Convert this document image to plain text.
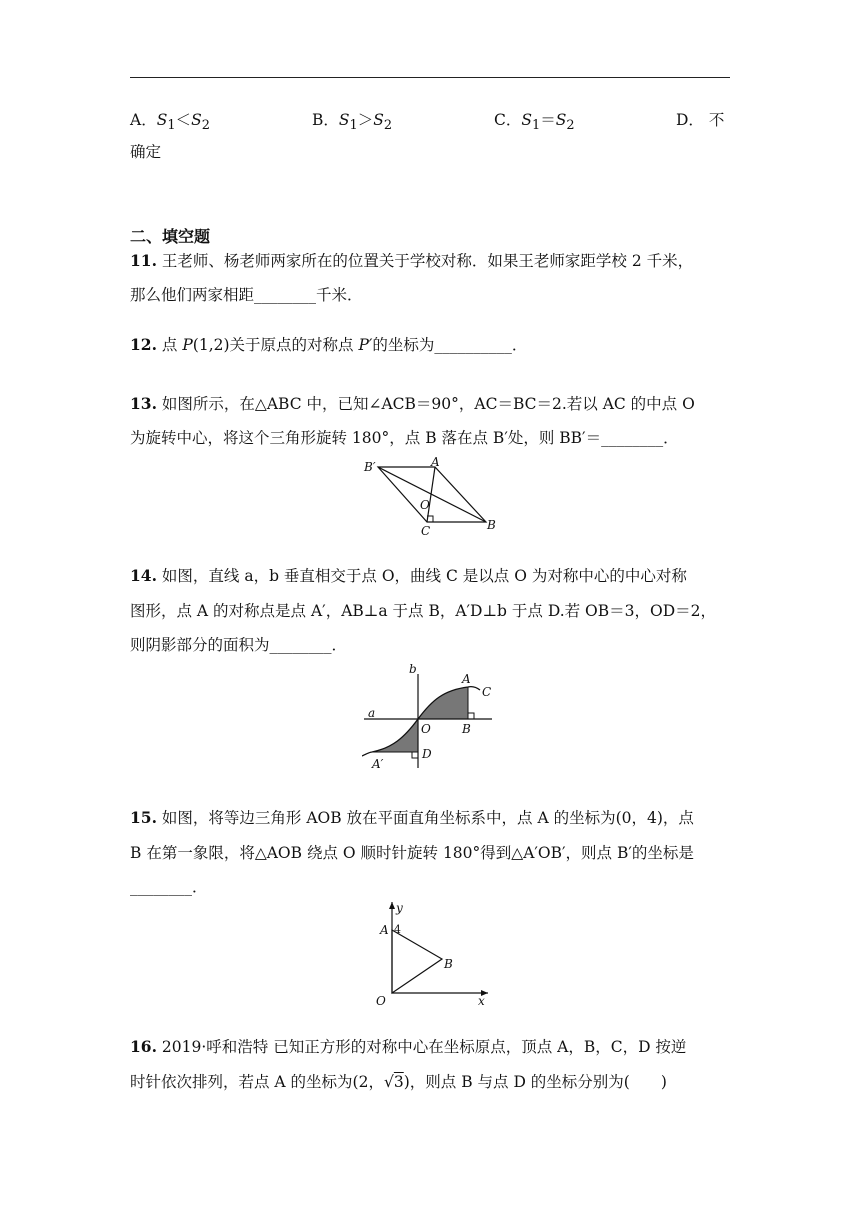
A．$S_1<S_2$	B．$S_1>S_2$	C．$S_1=S_2$	D． 不
确定
二、填空题
11. 王老师、杨老师两家所在的位置关于学校对称．如果王老师家距学校 2 千米，
那么他们两家相距________千米．
12. 点 P(1,2)关于原点的对称点 P′的坐标为__________．
13. 如图所示，在△ABC 中，已知∠ACB＝90°，AC＝BC＝2.若以 AC 的中点 O
为旋转中心，将这个三角形旋转 180°，点 B 落在点 B′处，则 BB′＝________．
A
B′
O
C	B
14. 如图，直线 a，b 垂直相交于点 O，曲线 C 是以点 O 为对称中心的中心对称
图形，点 A 的对称点是点 A′，AB⊥a 于点 B，A′D⊥b 于点 D.若 OB＝3，OD＝2，
则阴影部分的面积为________．
b
a
A
C
O	B
D
A′
15. 如图，将等边三角形 AOB 放在平面直角坐标系中，点 A 的坐标为(0，4)，点
B 在第一象限，将△AOB 绕点 O 顺时针旋转 180°得到△A′OB′，则点 B′的坐标是
________．
y
A 4
B
O	x
16. 2019·呼和浩特 已知正方形的对称中心在坐标原点，顶点 A，B，C，D 按逆
时针依次排列，若点 A 的坐标为(2，√3)，则点 B 与点 D 的坐标分别为(　　)
